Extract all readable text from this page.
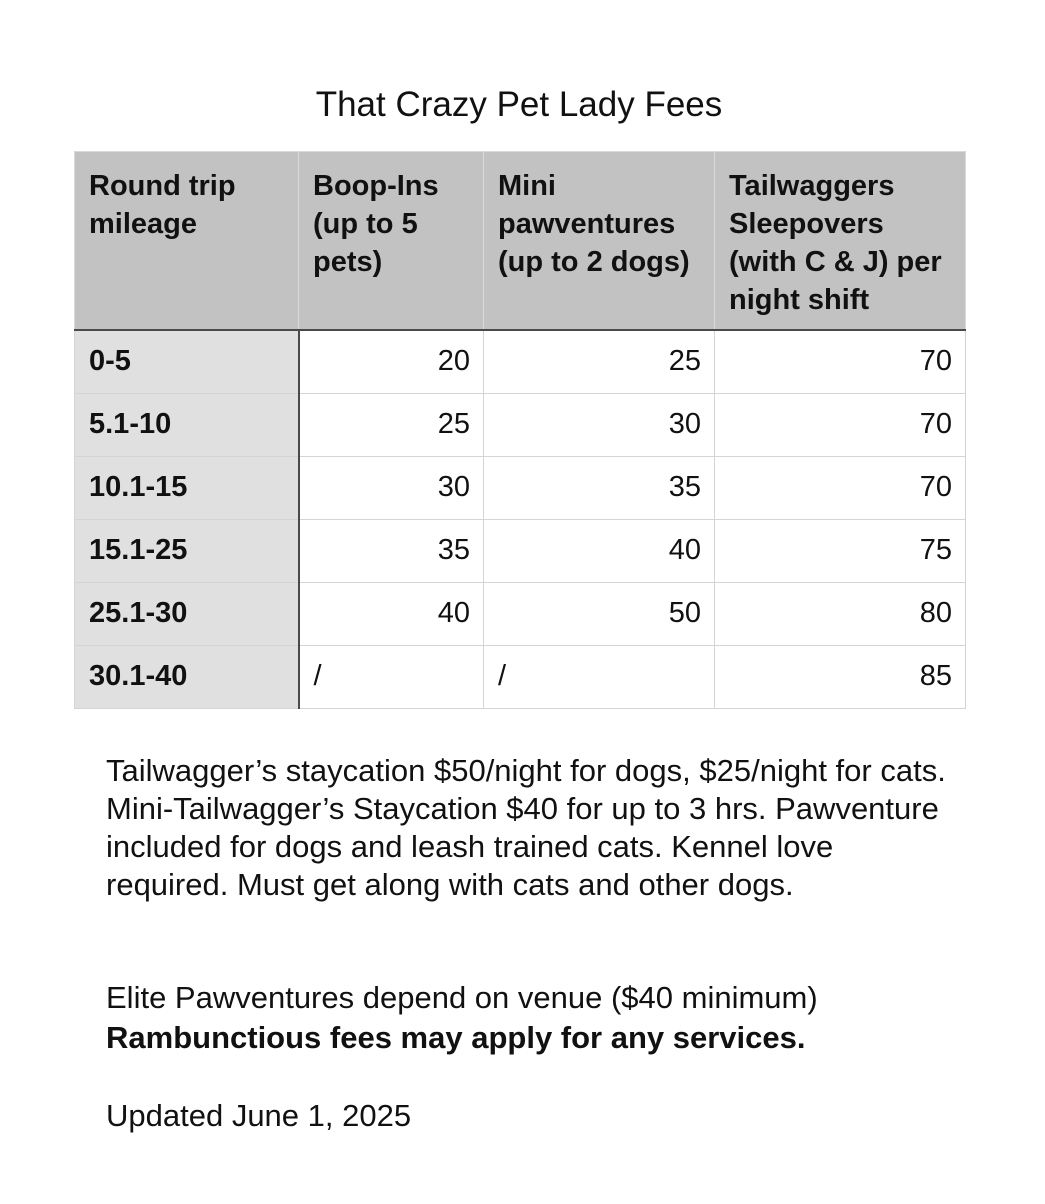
That Crazy Pet Lady Fees
Round trip mileage	Boop-Ins (up to 5 pets)	Mini pawventures (up to 2 dogs)	Tailwaggers Sleepovers (with C & J) per night shift
0-5	20	25	70
5.1-10	25	30	70
10.1-15	30	35	70
15.1-25	35	40	75
25.1-30	40	50	80
30.1-40	/	/	85

Tailwagger’s staycation $50/night for dogs, $25/night for cats. Mini-Tailwagger’s Staycation $40 for up to 3 hrs. Pawventure included for dogs and leash trained cats. Kennel love required. Must get along with cats and other dogs.

Elite Pawventures depend on venue ($40 minimum)

Rambunctious fees may apply for any services.

Updated June 1, 2025
